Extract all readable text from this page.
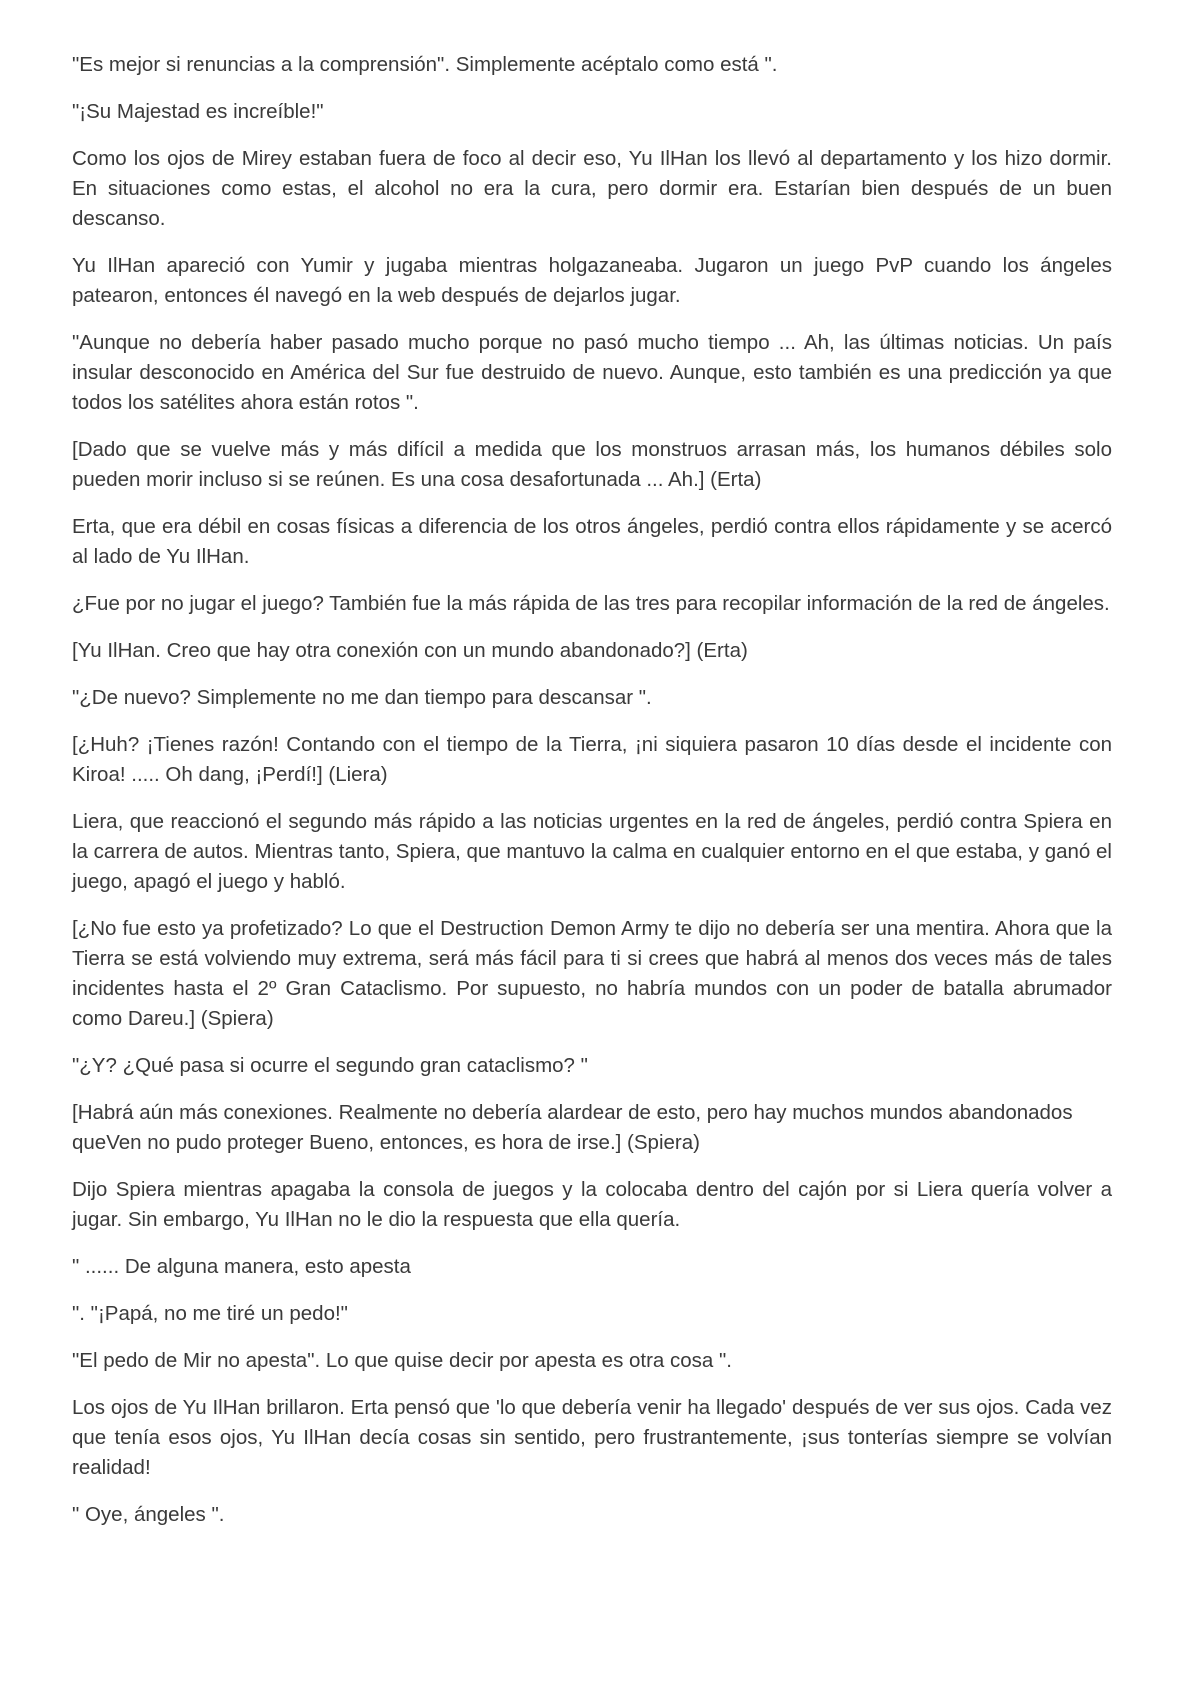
"Es mejor si renuncias a la comprensión". Simplemente acéptalo como está ".

"¡Su Majestad es increíble!"

Como los ojos de Mirey estaban fuera de foco al decir eso, Yu IlHan los llevó al departamento y los hizo dormir. En situaciones como estas, el alcohol no era la cura, pero dormir era. Estarían bien después de un buen descanso.

Yu IlHan apareció con Yumir y jugaba mientras holgazaneaba. Jugaron un juego PvP cuando los ángeles patearon, entonces él navegó en la web después de dejarlos jugar.

"Aunque no debería haber pasado mucho porque no pasó mucho tiempo ... Ah, las últimas noticias. Un país insular desconocido en América del Sur fue destruido de nuevo. Aunque, esto también es una predicción ya que todos los satélites ahora están rotos ".

[Dado que se vuelve más y más difícil a medida que los monstruos arrasan más, los humanos débiles solo pueden morir incluso si se reúnen. Es una cosa desafortunada ... Ah.] (Erta)

Erta, que era débil en cosas físicas a diferencia de los otros ángeles, perdió contra ellos rápidamente y se acercó al lado de Yu IlHan.

¿Fue por no jugar el juego? También fue la más rápida de las tres para recopilar información de la red de ángeles.

[Yu IlHan. Creo que hay otra conexión con un mundo abandonado?] (Erta)

"¿De nuevo? Simplemente no me dan tiempo para descansar ".

[¿Huh? ¡Tienes razón! Contando con el tiempo de la Tierra, ¡ni siquiera pasaron 10 días desde el incidente con Kiroa! ..... Oh dang, ¡Perdí!] (Liera)

Liera, que reaccionó el segundo más rápido a las noticias urgentes en la red de ángeles, perdió contra Spiera en la carrera de autos. Mientras tanto, Spiera, que mantuvo la calma en cualquier entorno en el que estaba, y ganó el juego, apagó el juego y habló.

[¿No fue esto ya profetizado? Lo que el Destruction Demon Army te dijo no debería ser una mentira. Ahora que la Tierra se está volviendo muy extrema, será más fácil para ti si crees que habrá al menos dos veces más de tales incidentes hasta el 2º Gran Cataclismo. Por supuesto, no habría mundos con un poder de batalla abrumador como Dareu.] (Spiera)

"¿Y? ¿Qué pasa si ocurre el segundo gran cataclismo? "

[Habrá aún más conexiones. Realmente no debería alardear de esto, pero hay muchos mundos abandonados queVen no pudo proteger Bueno, entonces, es hora de irse.] (Spiera)

Dijo Spiera mientras apagaba la consola de juegos y la colocaba dentro del cajón por si Liera quería volver a jugar. Sin embargo, Yu IlHan no le dio la respuesta que ella quería.

" ...... De alguna manera, esto apesta

". "¡Papá, no me tiré un pedo!"

"El pedo de Mir no apesta". Lo que quise decir por apesta es otra cosa ".

Los ojos de Yu IlHan brillaron. Erta pensó que 'lo que debería venir ha llegado' después de ver sus ojos. Cada vez que tenía esos ojos, Yu IlHan decía cosas sin sentido, pero frustrantemente, ¡sus tonterías siempre se volvían realidad!

" Oye, ángeles ".
